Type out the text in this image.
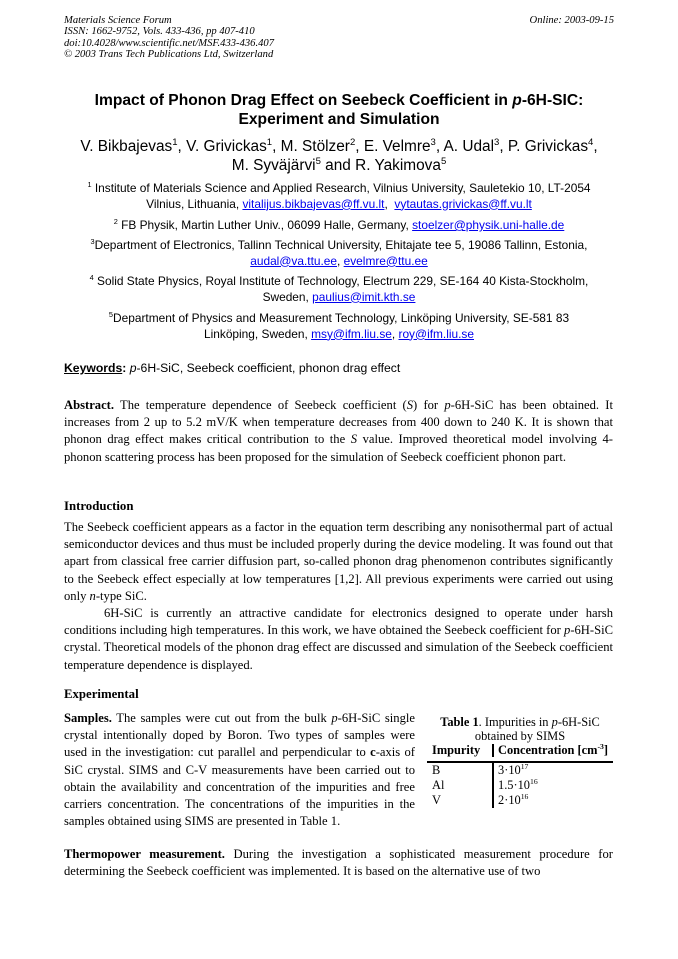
Materials Science Forum
ISSN: 1662-9752, Vols. 433-436, pp 407-410
doi:10.4028/www.scientific.net/MSF.433-436.407
© 2003 Trans Tech Publications Ltd, Switzerland
Online: 2003-09-15
Impact of Phonon Drag Effect on Seebeck Coefficient in p-6H-SIC:
Experiment and Simulation
V. Bikbajevas$^1$, V. Grivickas$^1$, M. Stölzer$^2$, E. Velmre$^3$, A. Udal$^3$, P. Grivickas$^4$,
M. Syväjärvi$^5$ and R. Yakimova$^5$
$^1$ Institute of Materials Science and Applied Research, Vilnius University, Sauletekio 10, LT-2054
Vilnius, Lithuania, vitalijus.bikbajevas@ff.vu.lt,  vytautas.grivickas@ff.vu.lt
$^2$ FB Physik, Martin Luther Univ., 06099 Halle, Germany, stoelzer@physik.uni-halle.de
$^3$Department of Electronics, Tallinn Technical University, Ehitajate tee 5, 19086 Tallinn, Estonia,
audal@va.ttu.ee, evelmre@ttu.ee
$^4$ Solid State Physics, Royal Institute of Technology, Electrum 229, SE-164 40 Kista-Stockholm,
Sweden, paulius@imit.kth.se
$^5$Department of Physics and Measurement Technology, Linköping University, SE-581 83
Linköping, Sweden, msy@ifm.liu.se, roy@ifm.liu.se
Keywords: p-6H-SiC, Seebeck coefficient, phonon drag effect
Abstract. The temperature dependence of Seebeck coefficient (S) for p-6H-SiC has been obtained. It increases from 2 up to 5.2 mV/K when temperature decreases from 400 down to 240 K. It is shown that phonon drag effect makes critical contribution to the S value. Improved theoretical model involving 4-phonon scattering process has been proposed for the simulation of Seebeck coefficient phonon part.
Introduction
The Seebeck coefficient appears as a factor in the equation term describing any nonisothermal part of actual semiconductor devices and thus must be included properly during the device modeling. It was found out that apart from classical free carrier diffusion part, so-called phonon drag phenomenon contributes significantly to the Seebeck effect especially at low temperatures [1,2]. All previous experiments were carried out using only n-type SiC.
6H-SiC is currently an attractive candidate for electronics designed to operate under harsh conditions including high temperatures. In this work, we have obtained the Seebeck coefficient for p-6H-SiC crystal. Theoretical models of the phonon drag effect are discussed and simulation of the Seebeck coefficient temperature dependence is displayed.
Experimental
Samples. The samples were cut out from the bulk p-6H-SiC single crystal intentionally doped by Boron. Two types of samples were used in the investigation: cut parallel and perpendicular to c-axis of SiC crystal. SIMS and C-V measurements have been carried out to obtain the availability and concentration of the impurities and free carriers concentration. The concentrations of the impurities in the samples obtained using SIMS are presented in Table 1.
Table 1. Impurities in p-6H-SiC obtained by SIMS
Impurity	Concentration $[cm^{-3}]$
B	$3\cdot 10^{17}$
Al	$1.5\cdot 10^{16}$
V	$2\cdot 10^{16}$
Thermopower measurement. During the investigation a sophisticated measurement procedure for determining the Seebeck coefficient was implemented. It is based on the alternative use of two
